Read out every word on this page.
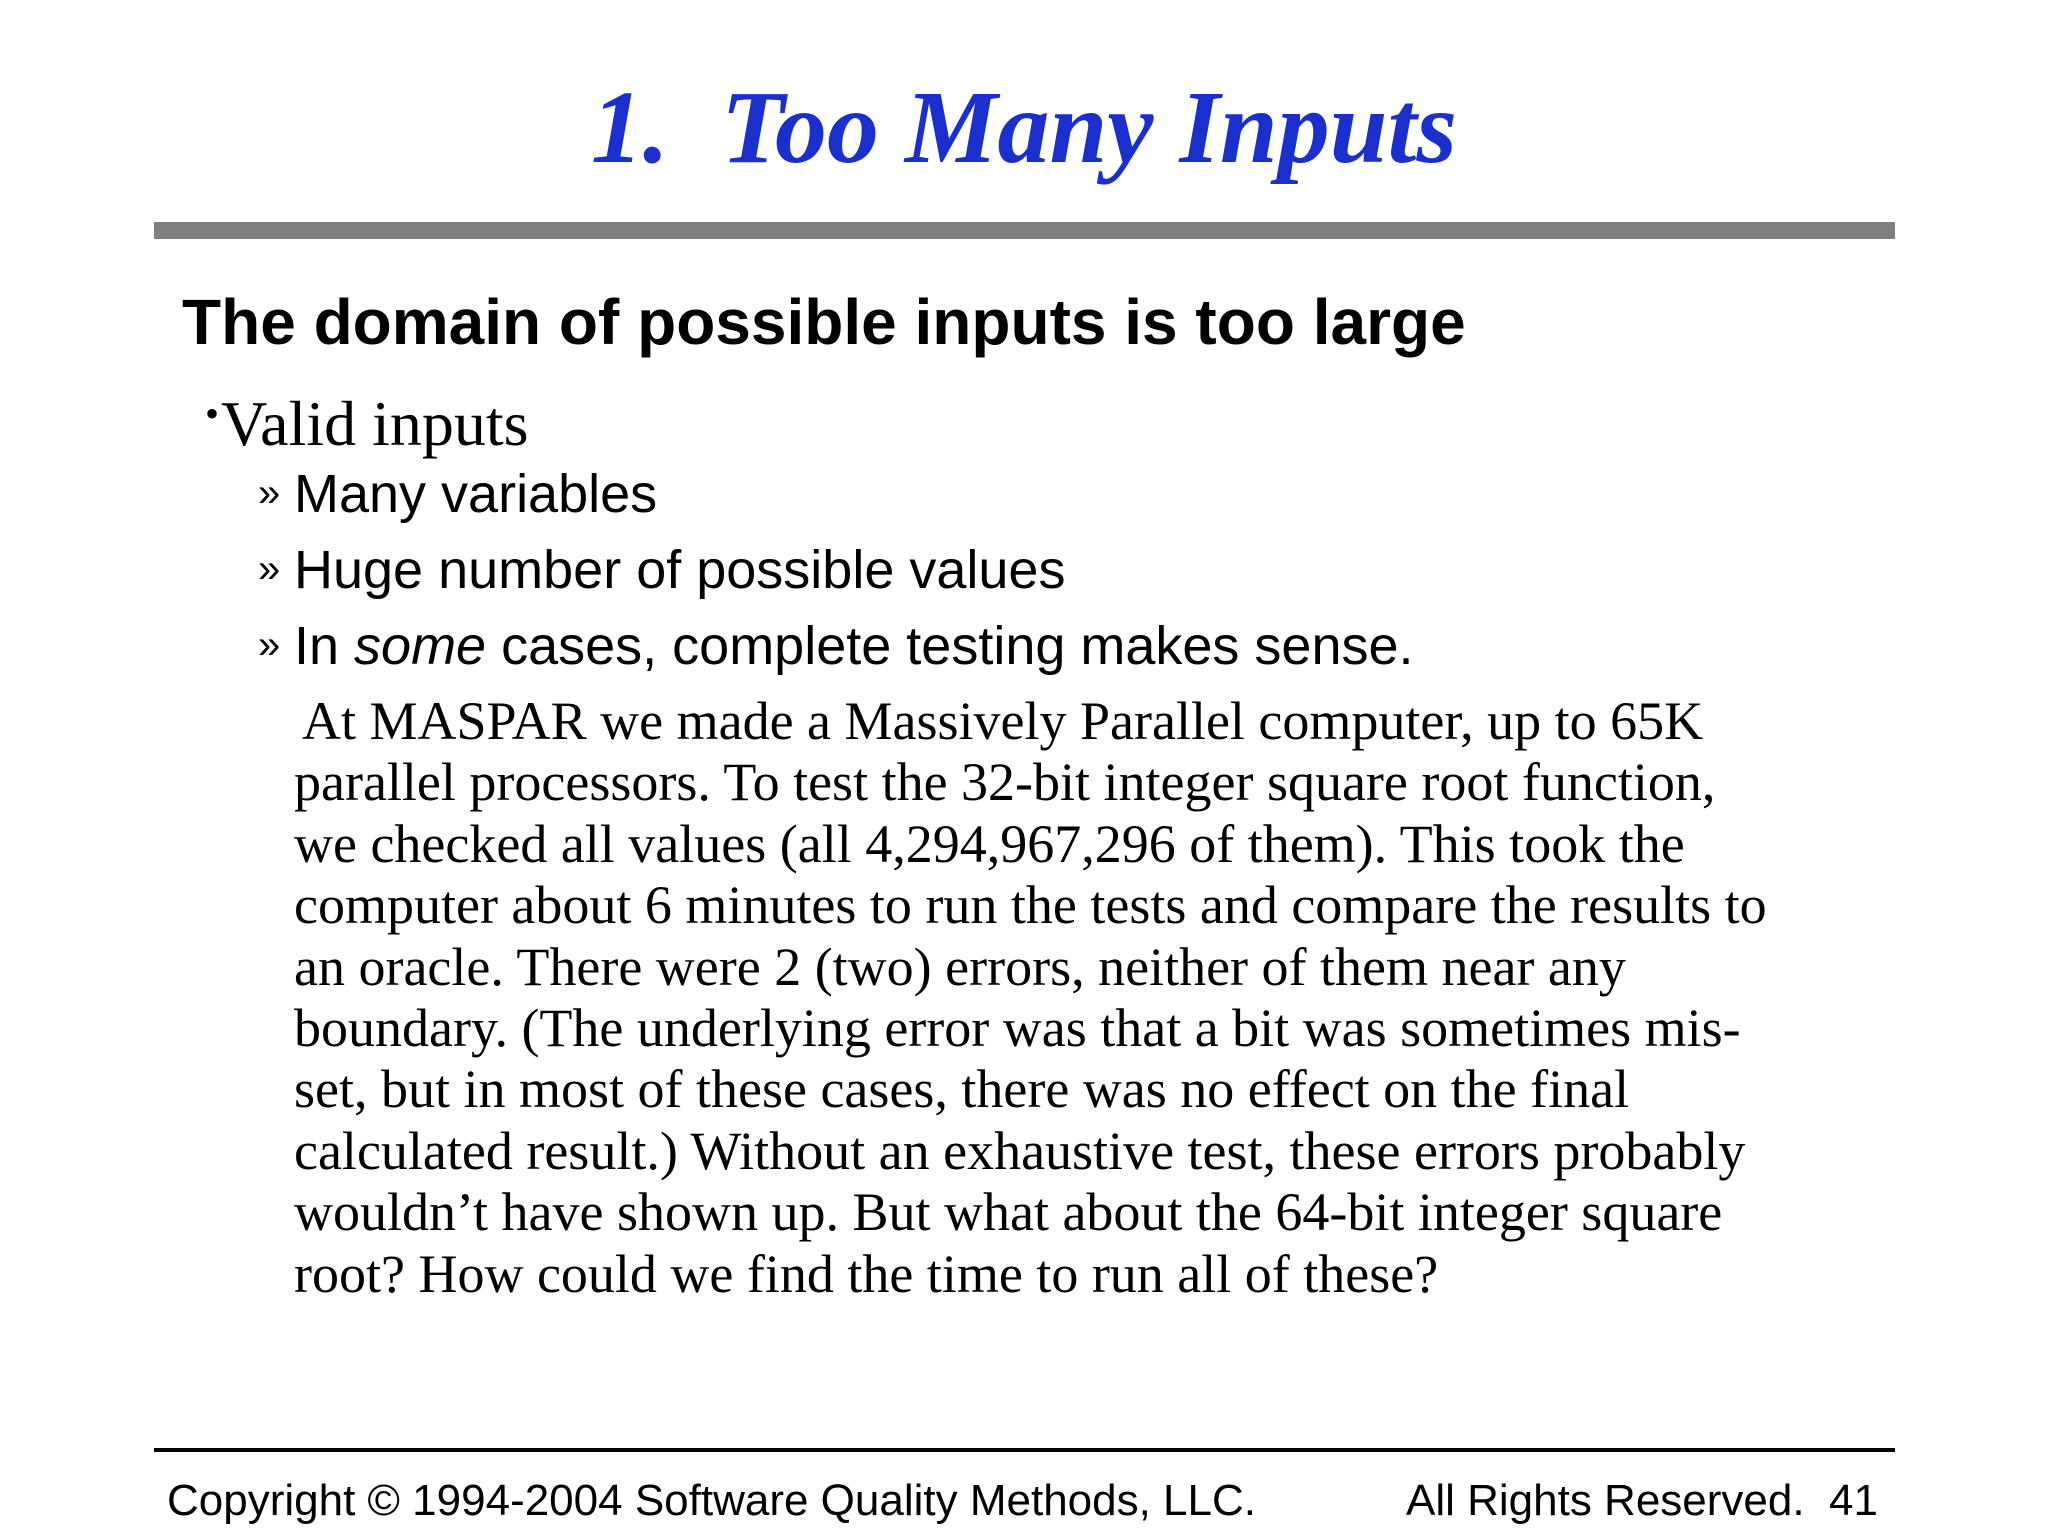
1.  Too Many Inputs
The domain of possible inputs is too large
•Valid inputs
» Many variables
» Huge number of possible values
» In some cases, complete testing makes sense.
At MASPAR we made a Massively Parallel computer, up to 65K
parallel processors. To test the 32-bit integer square root function,
we checked all values (all 4,294,967,296 of them). This took the
computer about 6 minutes to run the tests and compare the results to
an oracle. There were 2 (two) errors, neither of them near any
boundary. (The underlying error was that a bit was sometimes mis-
set, but in most of these cases, there was no effect on the final
calculated result.) Without an exhaustive test, these errors probably
wouldn’t have shown up. But what about the 64-bit integer square
root? How could we find the time to run all of these?
Copyright © 1994-2004 Software Quality Methods, LLC.	All Rights Reserved. 41
